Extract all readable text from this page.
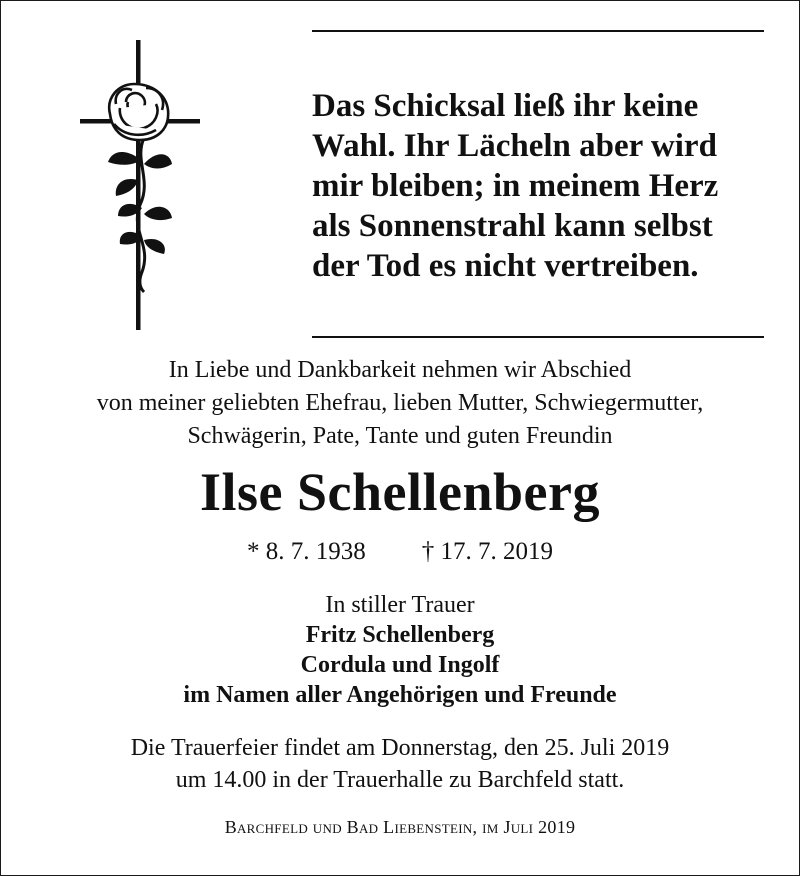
Das Schicksal ließ ihr keine
Wahl. Ihr Lächeln aber wird
mir bleiben; in meinem Herz
als Sonnenstrahl kann selbst
der Tod es nicht vertreiben.

In Liebe und Dankbarkeit nehmen wir Abschied
von meiner geliebten Ehefrau, lieben Mutter, Schwiegermutter,
Schwägerin, Pate, Tante und guten Freundin
Ilse Schellenberg
* 8. 7. 1938 † 17. 7. 2019
In stiller Trauer
Fritz Schellenberg
Cordula und Ingolf
im Namen aller Angehörigen und Freunde
Die Trauerfeier findet am Donnerstag, den 25. Juli 2019
um 14.00 in der Trauerhalle zu Barchfeld statt.
Barchfeld und Bad Liebenstein, im Juli 2019
